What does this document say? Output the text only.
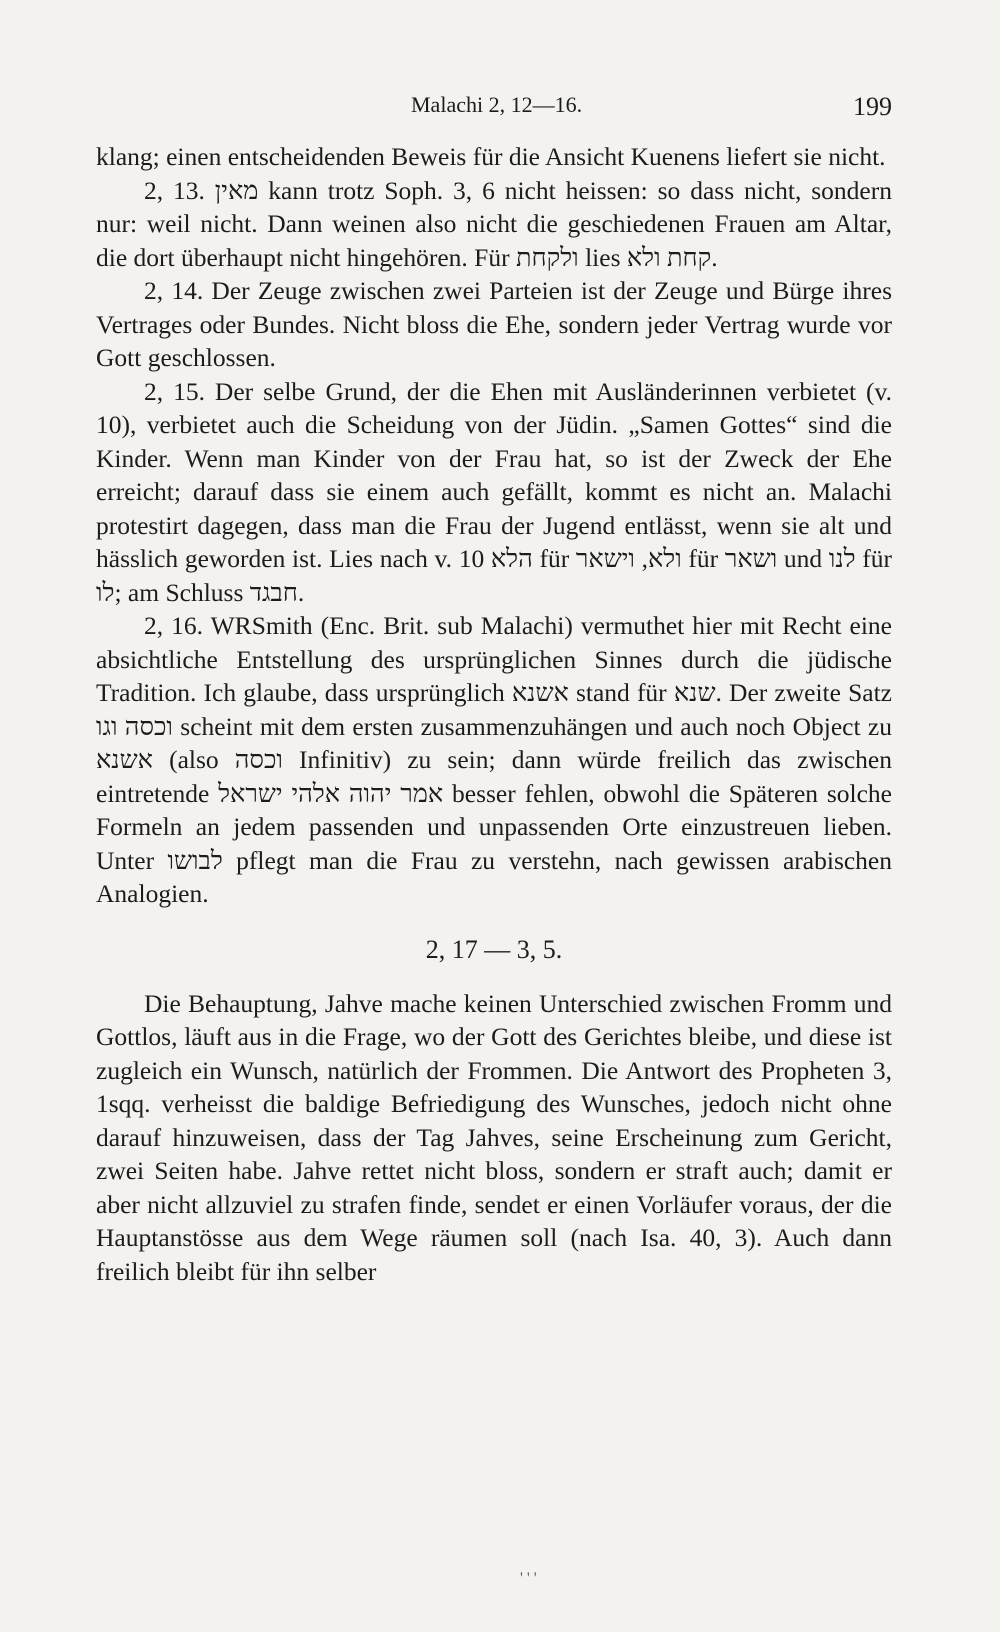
Malachi 2, 12—16.	199

klang; einen entscheidenden Beweis für die Ansicht Kuenens liefert sie nicht.

2, 13. מאין kann trotz Soph. 3, 6 nicht heissen: so dass nicht, sondern nur: weil nicht. Dann weinen also nicht die geschiedenen Frauen am Altar, die dort überhaupt nicht hingehören. Für ולקחת lies קחת ולא.

2, 14. Der Zeuge zwischen zwei Parteien ist der Zeuge und Bürge ihres Vertrages oder Bundes. Nicht bloss die Ehe, sondern jeder Vertrag wurde vor Gott geschlossen.

2, 15. Der selbe Grund, der die Ehen mit Ausländerinnen verbietet (v. 10), verbietet auch die Scheidung von der Jüdin. „Samen Gottes“ sind die Kinder. Wenn man Kinder von der Frau hat, so ist der Zweck der Ehe erreicht; darauf dass sie einem auch gefällt, kommt es nicht an. Malachi protestirt dagegen, dass man die Frau der Jugend entlässt, wenn sie alt und hässlich geworden ist. Lies nach v. 10 הלא für ולא, וישאר für ושאר und לנו für לו; am Schluss חבגד.

2, 16. WRSmith (Enc. Brit. sub Malachi) vermuthet hier mit Recht eine absichtliche Entstellung des ursprünglichen Sinnes durch die jüdische Tradition. Ich glaube, dass ursprünglich אשנא stand für שנא. Der zweite Satz וכסה וגו scheint mit dem ersten zusammenzuhängen und auch noch Object zu אשנא (also וכסה Infinitiv) zu sein; dann würde freilich das zwischen eintretende אמר יהוה אלהי ישראל besser fehlen, obwohl die Späteren solche Formeln an jedem passenden und unpassenden Orte einzustreuen lieben. Unter לבושו pflegt man die Frau zu verstehn, nach gewissen arabischen Analogien.

2, 17 — 3, 5.

Die Behauptung, Jahve mache keinen Unterschied zwischen Fromm und Gottlos, läuft aus in die Frage, wo der Gott des Gerichtes bleibe, und diese ist zugleich ein Wunsch, natürlich der Frommen. Die Antwort des Propheten 3, 1sqq. verheisst die baldige Befriedigung des Wunsches, jedoch nicht ohne darauf hinzuweisen, dass der Tag Jahves, seine Erscheinung zum Gericht, zwei Seiten habe. Jahve rettet nicht bloss, sondern er straft auch; damit er aber nicht allzuviel zu strafen finde, sendet er einen Vorläufer voraus, der die Hauptanstösse aus dem Wege räumen soll (nach Isa. 40, 3). Auch dann freilich bleibt für ihn selber

' ' '
